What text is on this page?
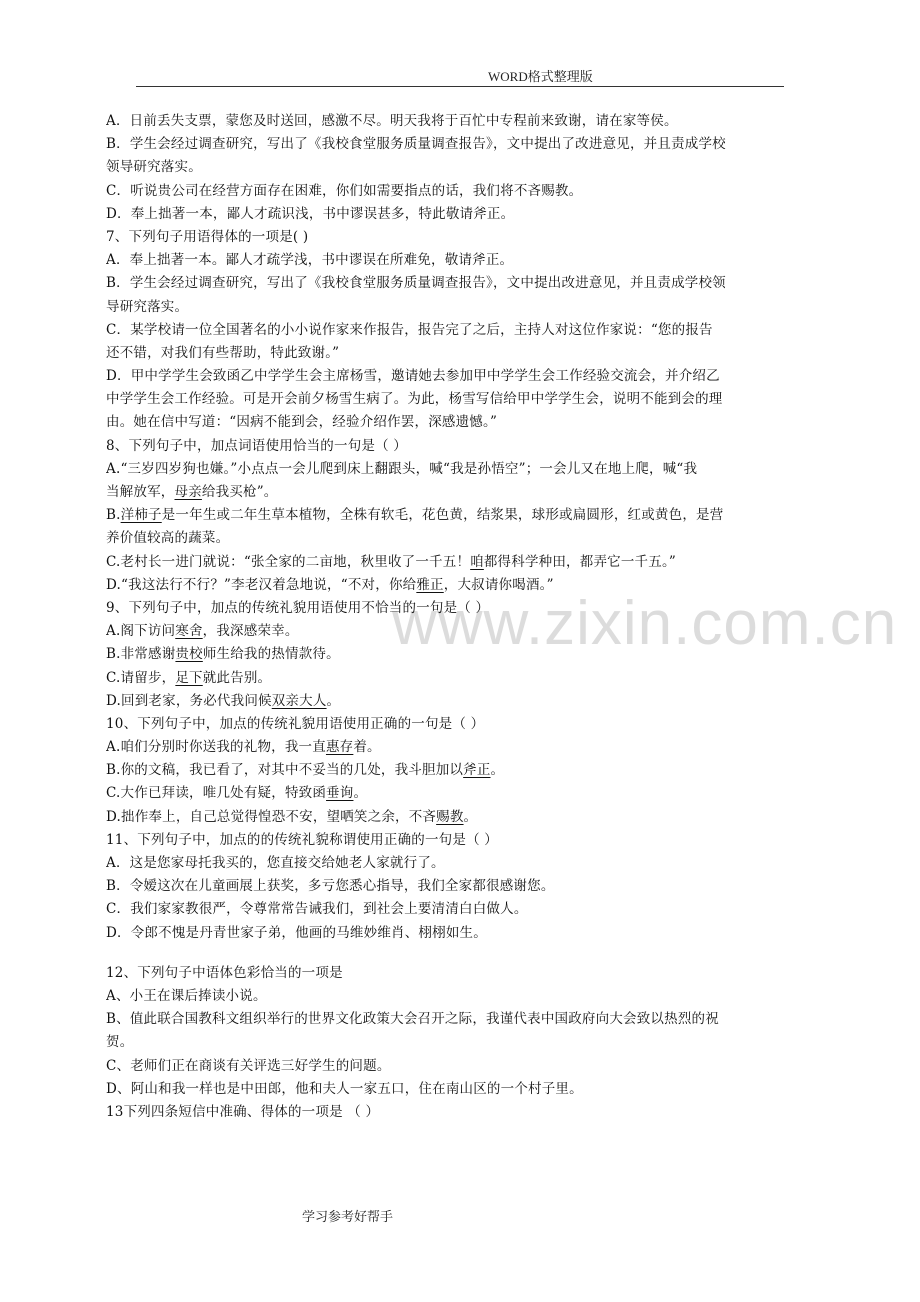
WORD格式整理版
www.zixin.com.cn
A．日前丢失支票，蒙您及时送回，感激不尽。明天我将于百忙中专程前来致谢，请在家等侯。
B．学生会经过调查研究，写出了《我校食堂服务质量调查报告》，文中提出了改进意见，并且责成学校
领导研究落实。
C．听说贵公司在经营方面存在困难，你们如需要指点的话，我们将不吝赐教。
D．奉上拙著一本，鄙人才疏识浅，书中谬误甚多，特此敬请斧正。
7、下列句子用语得体的一项是( )
A．奉上拙著一本。鄙人才疏学浅，书中谬误在所难免，敬请斧正。
B．学生会经过调查研究，写出了《我校食堂服务质量调查报告》，文中提出改进意见，并且责成学校领
导研究落实。
C．某学校请一位全国著名的小小说作家来作报告，报告完了之后，主持人对这位作家说：“您的报告
还不错，对我们有些帮助，特此致谢。”
D．甲中学学生会致函乙中学学生会主席杨雪，邀请她去参加甲中学学生会工作经验交流会，并介绍乙
中学学生会工作经验。可是开会前夕杨雪生病了。为此，杨雪写信给甲中学学生会，说明不能到会的理
由。她在信中写道：“因病不能到会，经验介绍作罢，深感遗憾。”
8、下列句子中，加点词语使用恰当的一句是（ ）
A.“三岁四岁狗也嫌。”小点点一会儿爬到床上翻跟头，喊“我是孙悟空”；一会儿又在地上爬，喊“我
当解放军，母亲给我买枪”。
B.洋柿子是一年生或二年生草本植物，全株有软毛，花色黄，结浆果，球形或扁圆形，红或黄色，是营
养价值较高的蔬菜。
C.老村长一进门就说：“张全家的二亩地，秋里收了一千五！咱都得科学种田，都弄它一千五。”
D.“我这法行不行？”李老汉着急地说，“不对，你给雅正，大叔请你喝酒。”
9、下列句子中，加点的传统礼貌用语使用不恰当的一句是（ ）
A.阁下访问寒舍，我深感荣幸。
B.非常感谢贵校师生给我的热情款待。
C.请留步，足下就此告别。
D.回到老家，务必代我问候双亲大人。
10、下列句子中，加点的传统礼貌用语使用正确的一句是（ ）
A.咱们分别时你送我的礼物，我一直惠存着。
B.你的文稿，我已看了，对其中不妥当的几处，我斗胆加以斧正。
C.大作已拜读，唯几处有疑，特致函垂询。
D.拙作奉上，自己总觉得惶恐不安，望哂笑之余，不吝赐教。
11、下列句子中，加点的的传统礼貌称谓使用正确的一句是（ ）
A．这是您家母托我买的，您直接交给她老人家就行了。
B．令嫒这次在儿童画展上获奖，多亏您悉心指导，我们全家都很感谢您。
C．我们家家教很严，令尊常常告诫我们，到社会上要清清白白做人。
D．令郎不愧是丹青世家子弟，他画的马维妙维肖、栩栩如生。
12、下列句子中语体色彩恰当的一项是
A、小王在课后捧读小说。
B、值此联合国教科文组织举行的世界文化政策大会召开之际，我谨代表中国政府向大会致以热烈的祝
贺。
C、老师们正在商谈有关评选三好学生的问题。
D、阿山和我一样也是中田郎，他和夫人一家五口，住在南山区的一个村子里。
13下列四条短信中准确、得体的一项是 （ ）
学习参考好帮手
